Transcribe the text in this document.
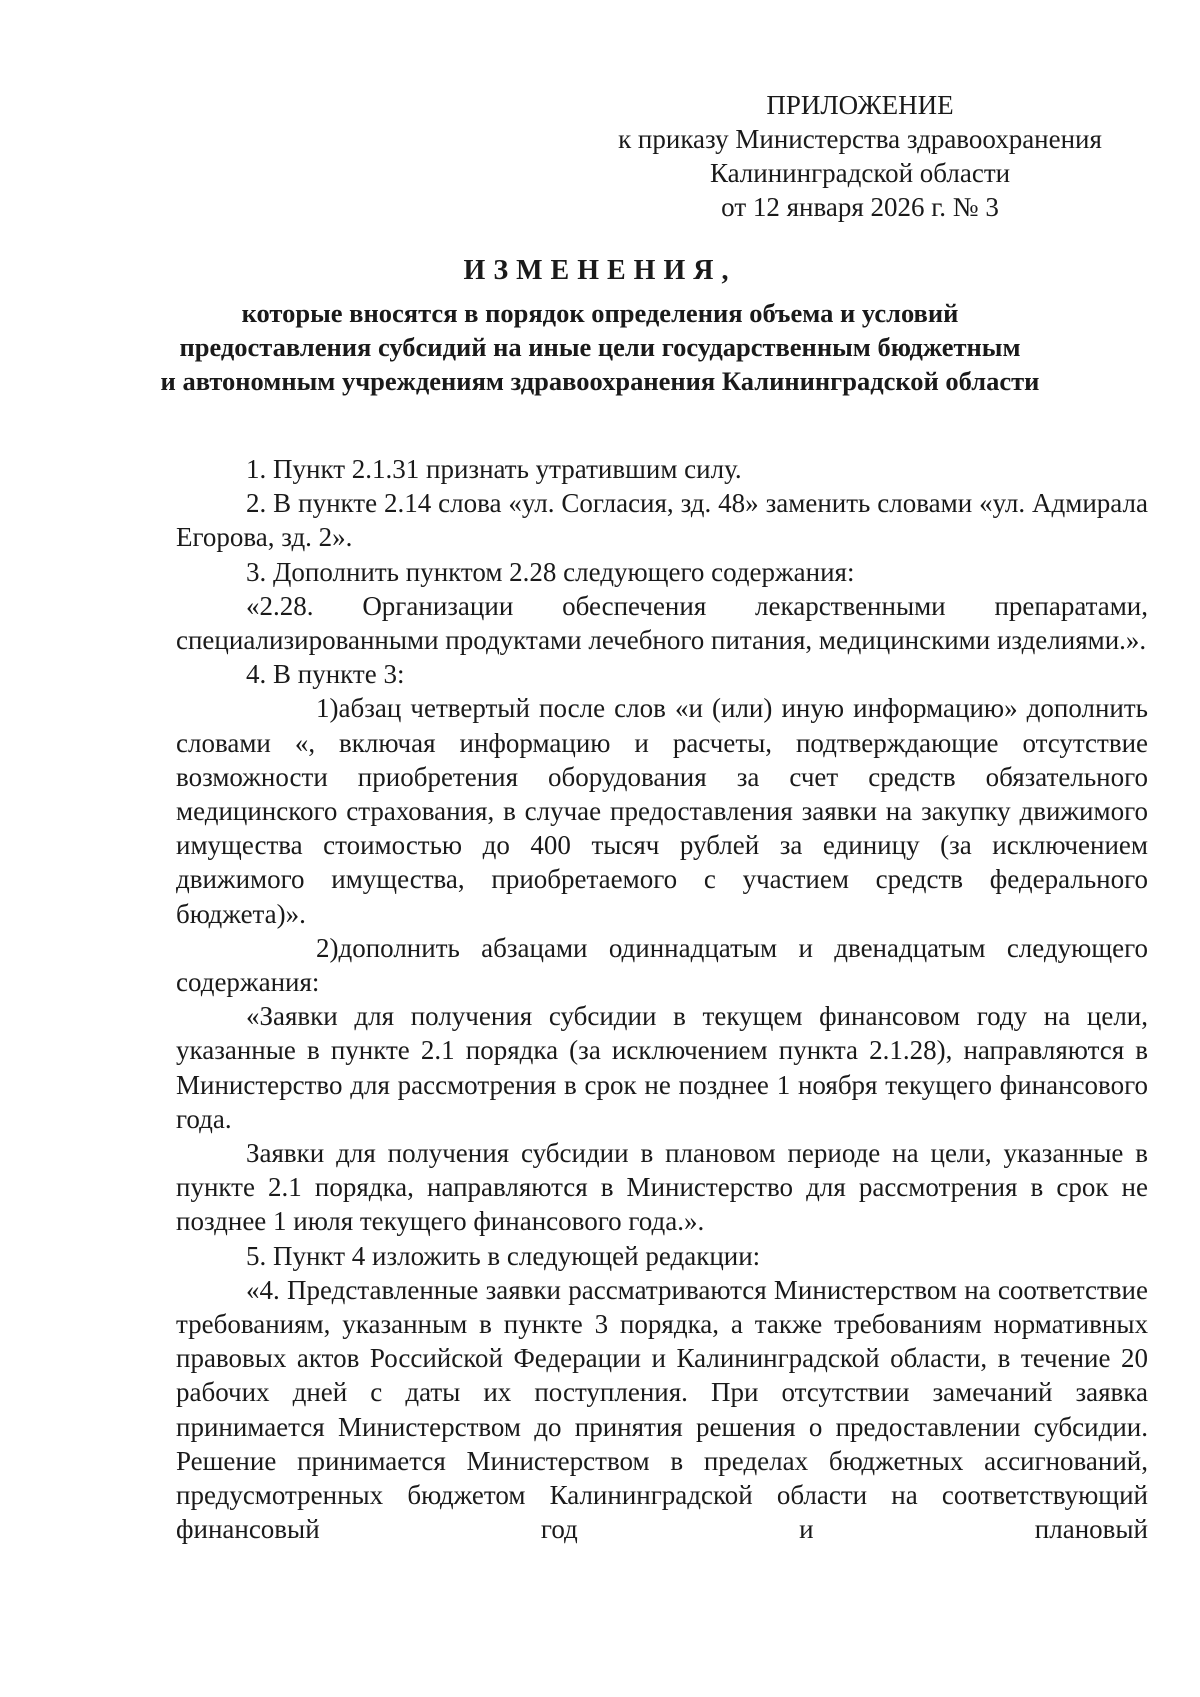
ПРИЛОЖЕНИЕ
к приказу Министерства здравоохранения
Калининградской области
от 12 января 2026 г. № 3
ИЗМЕНЕНИЯ,
которые вносятся в порядок определения объема и условий
предоставления субсидий на иные цели государственным бюджетным
и автономным учреждениям здравоохранения Калининградской области

1. Пункт 2.1.31 признать утратившим силу.

2. В пункте 2.14 слова «ул. Согласия, зд. 48» заменить словами «ул. Адмирала Егорова, зд. 2».

3. Дополнить пунктом 2.28 следующего содержания:

«2.28. Организации обеспечения лекарственными препаратами, специализированными продуктами лечебного питания, медицинскими изделиями.».

4. В пункте 3:

1)абзац четвертый после слов «и (или) иную информацию» дополнить словами «, включая информацию и расчеты, подтверждающие отсутствие возможности приобретения оборудования за счет средств обязательного медицинского страхования, в случае предоставления заявки на закупку движимого имущества стоимостью до 400 тысяч рублей за единицу (за исключением движимого имущества, приобретаемого с участием средств федерального бюджета)».

2)дополнить абзацами одиннадцатым и двенадцатым следующего содержания:

«Заявки для получения субсидии в текущем финансовом году на цели, указанные в пункте 2.1 порядка (за исключением пункта 2.1.28), направляются в Министерство для рассмотрения в срок не позднее 1 ноября текущего финансового года.

Заявки для получения субсидии в плановом периоде на цели, указанные в пункте 2.1 порядка, направляются в Министерство для рассмотрения в срок не позднее 1 июля текущего финансового года.».

5. Пункт 4 изложить в следующей редакции:

«4. Представленные заявки рассматриваются Министерством на соответствие требованиям, указанным в пункте 3 порядка, а также требованиям нормативных правовых актов Российской Федерации и Калининградской области, в течение 20 рабочих дней с даты их поступления. При отсутствии замечаний заявка принимается Министерством до принятия решения о предоставлении субсидии. Решение принимается Министерством в пределах бюджетных ассигнований, предусмотренных бюджетом Калининградской области на соответствующий финансовый год и плановый
